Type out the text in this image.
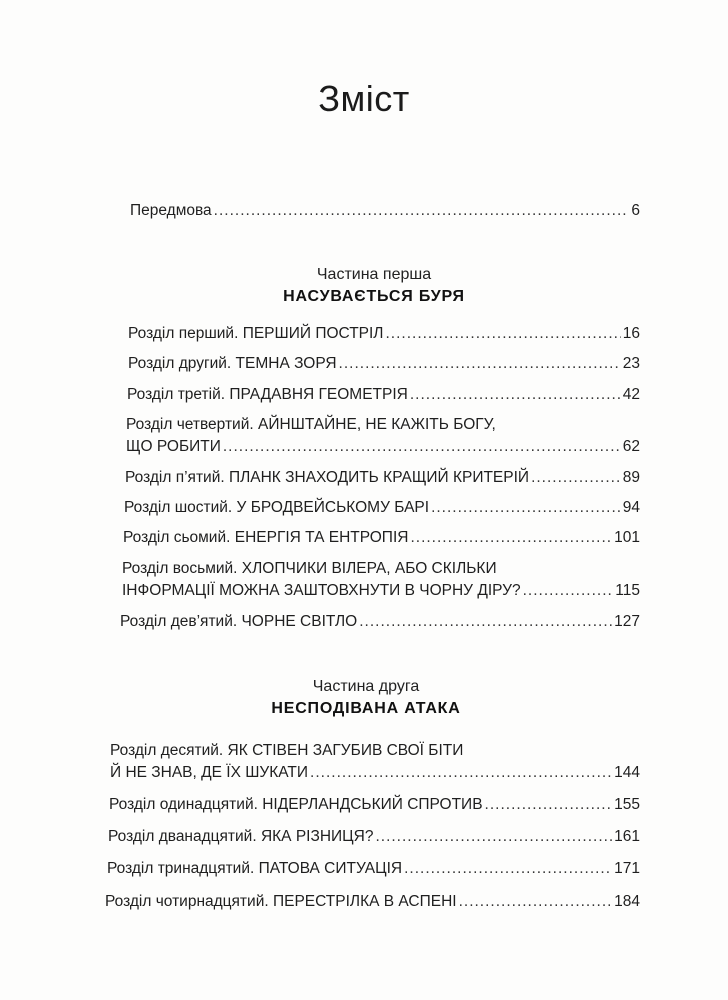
Зміст
Передмова .....	6
Частина перша
НАСУВАЄТЬСЯ БУРЯ
Розділ перший. ПЕРШИЙ ПОСТРІЛ .....	16
Розділ другий. ТЕМНА ЗОРЯ .....	23
Розділ третій. ПРАДАВНЯ ГЕОМЕТРІЯ .....	42
Розділ четвертий. АЙНШТАЙНЕ, НЕ КАЖІТЬ БОГУ,
ЩО РОБИТИ .....	62
Розділ п’ятий. ПЛАНК ЗНАХОДИТЬ КРАЩИЙ КРИТЕРІЙ .....	89
Розділ шостий. У БРОДВЕЙСЬКОМУ БАРІ .....	94
Розділ сьомий. ЕНЕРГІЯ ТА ЕНТРОПІЯ .....	101
Розділ восьмий. ХЛОПЧИКИ ВІЛЕРА, АБО СКІЛЬКИ
ІНФОРМАЦІЇ МОЖНА ЗАШТОВХНУТИ В ЧОРНУ ДІРУ? .....	115
Розділ дев’ятий. ЧОРНЕ СВІТЛО .....	127
Частина друга
НЕСПОДІВАНА АТАКА
Розділ десятий. ЯК СТІВЕН ЗАГУБИВ СВОЇ БІТИ
Й НЕ ЗНАВ, ДЕ ЇХ ШУКАТИ .....	144
Розділ одинадцятий. НІДЕРЛАНДСЬКИЙ СПРОТИВ .....	155
Розділ дванадцятий. ЯКА РІЗНИЦЯ? .....	161
Розділ тринадцятий. ПАТОВА СИТУАЦІЯ .....	171
Розділ чотирнадцятий. ПЕРЕСТРІЛКА В АСПЕНІ .....	184
